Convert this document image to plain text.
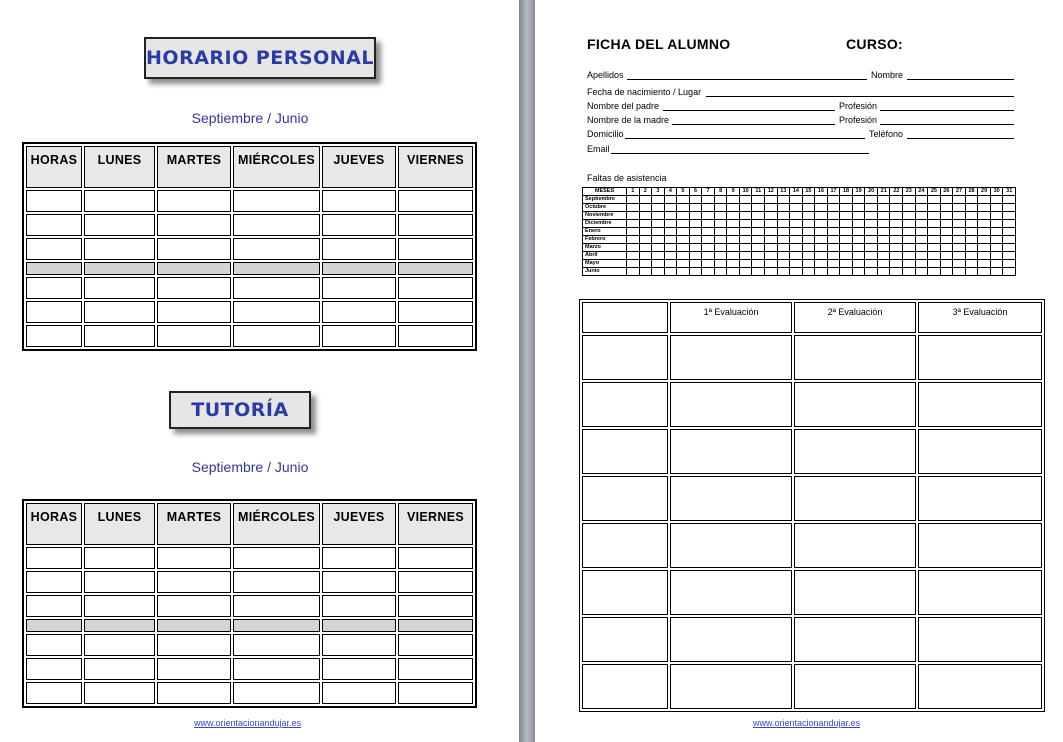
HORARIO PERSONAL
Septiembre / Junio
HORAS	LUNES	MARTES	MIÉRCOLES	JUEVES	VIERNES

TUTORÍA
Septiembre / Junio
HORAS	LUNES	MARTES	MIÉRCOLES	JUEVES	VIERNES

www.orientacionandujar.es
FICHA DEL ALUMNO	CURSO:
Apellidos	Nombre
Fecha de nacimiento / Lugar
Nombre del padre	Profesión
Nombre de la madre	Profesión
Domicilio	Teléfono
Email
Faltas de asistencia
MESES	1	2	3	4	5	6	7	8	9	10	11	12	13	14	15	16	17	18	19	20	21	22	23	24	25	26	27	28	29	30	31
Septiembre																															
Octubre																															
Noviembre																															
Diciembre																															
Enero																															
Febrero																															
Marzo																															
Abril																															
Mayo																															
Junio																															
	1ª Evaluación	2ª Evaluación	3ª Evaluación

www.orientacionandujar.es
